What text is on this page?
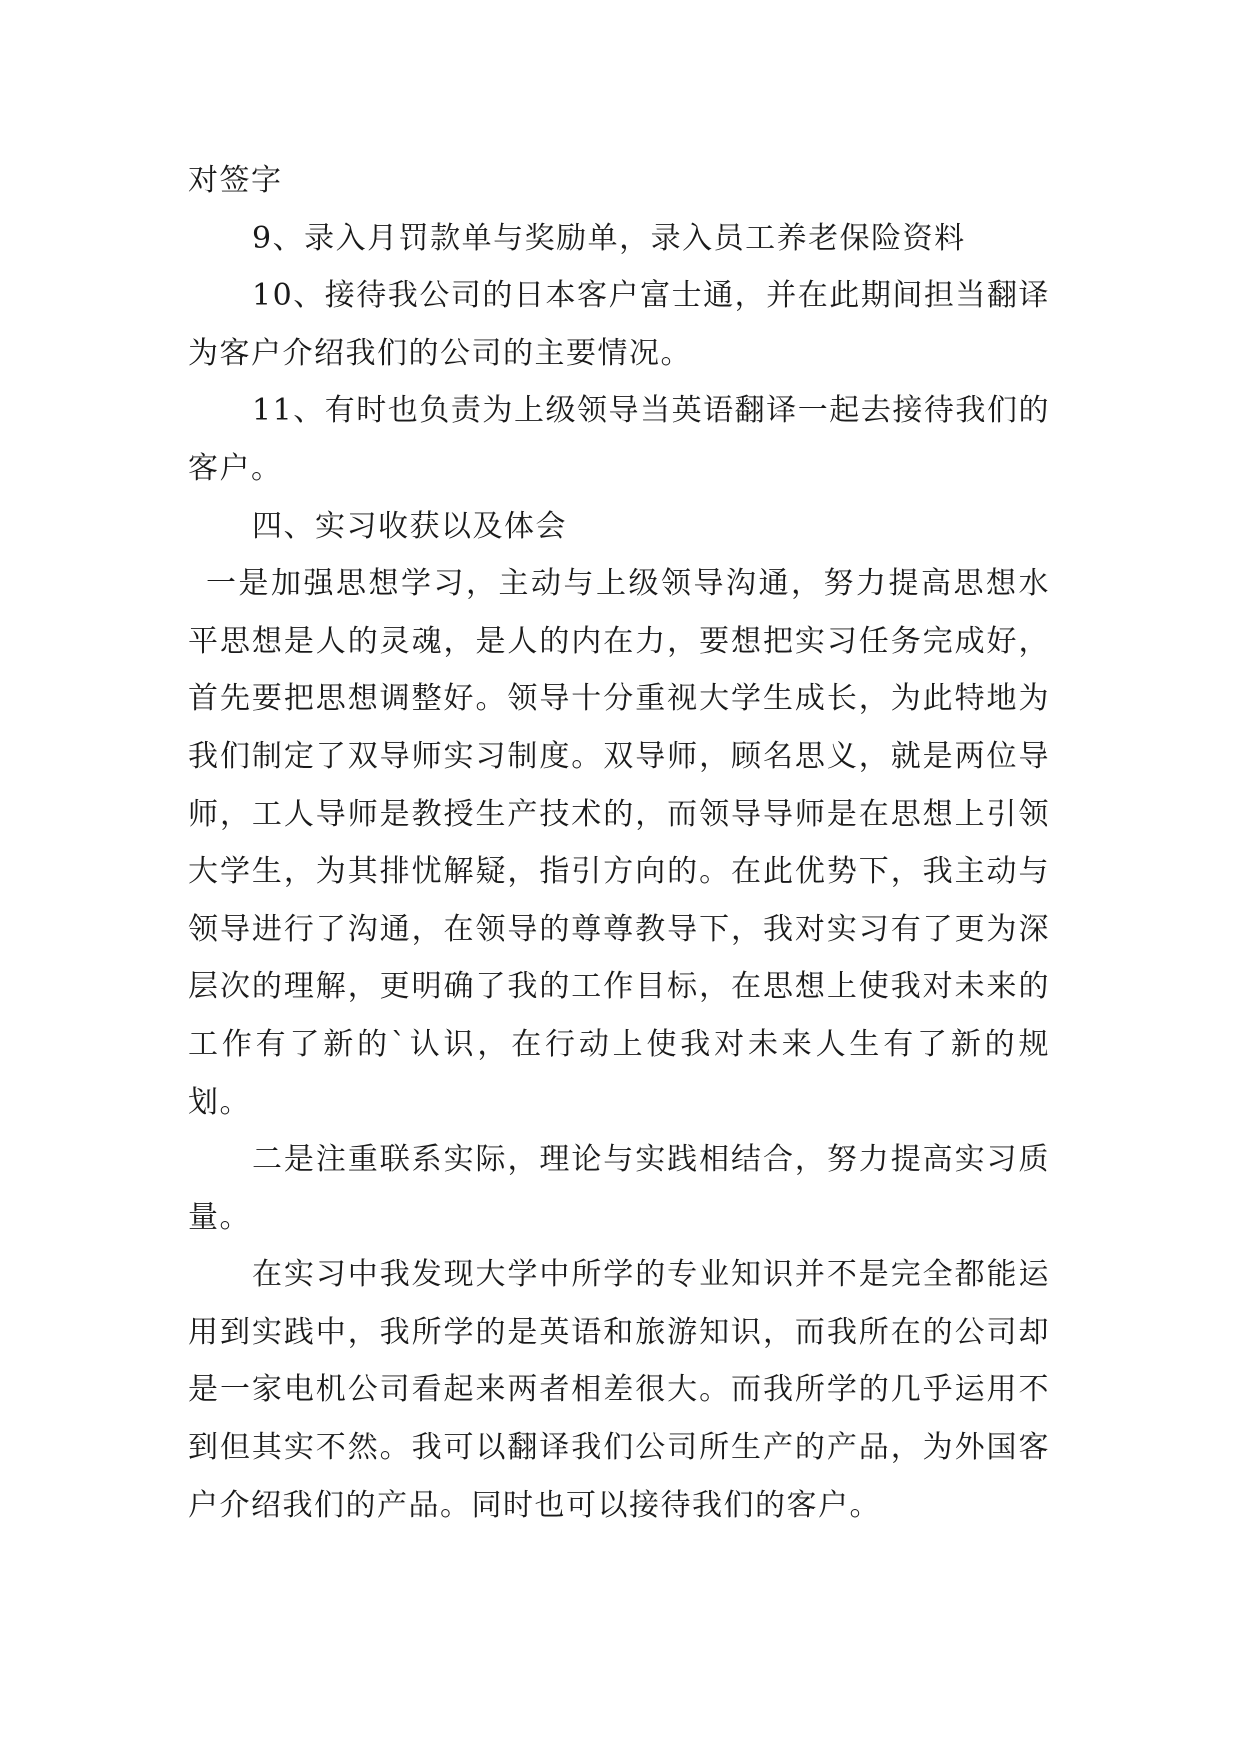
对签字

9、录入月罚款单与奖励单，录入员工养老保险资料

10、接待我公司的日本客户富士通，并在此期间担当翻译为客户介绍我们的公司的主要情况。

11、有时也负责为上级领导当英语翻译一起去接待我们的客户。

四、实习收获以及体会

一是加强思想学习，主动与上级领导沟通，努力提高思想水平思想是人的灵魂，是人的内在力，要想把实习任务完成好，首先要把思想调整好。领导十分重视大学生成长，为此特地为我们制定了双导师实习制度。双导师，顾名思义，就是两位导师，工人导师是教授生产技术的，而领导导师是在思想上引领大学生，为其排忧解疑，指引方向的。在此优势下，我主动与领导进行了沟通，在领导的尊尊教导下，我对实习有了更为深层次的理解，更明确了我的工作目标，在思想上使我对未来的工作有了新的`认识，在行动上使我对未来人生有了新的规划。

二是注重联系实际，理论与实践相结合，努力提高实习质量。

在实习中我发现大学中所学的专业知识并不是完全都能运用到实践中，我所学的是英语和旅游知识，而我所在的公司却是一家电机公司看起来两者相差很大。而我所学的几乎运用不到但其实不然。我可以翻译我们公司所生产的产品，为外国客户介绍我们的产品。同时也可以接待我们的客户。
